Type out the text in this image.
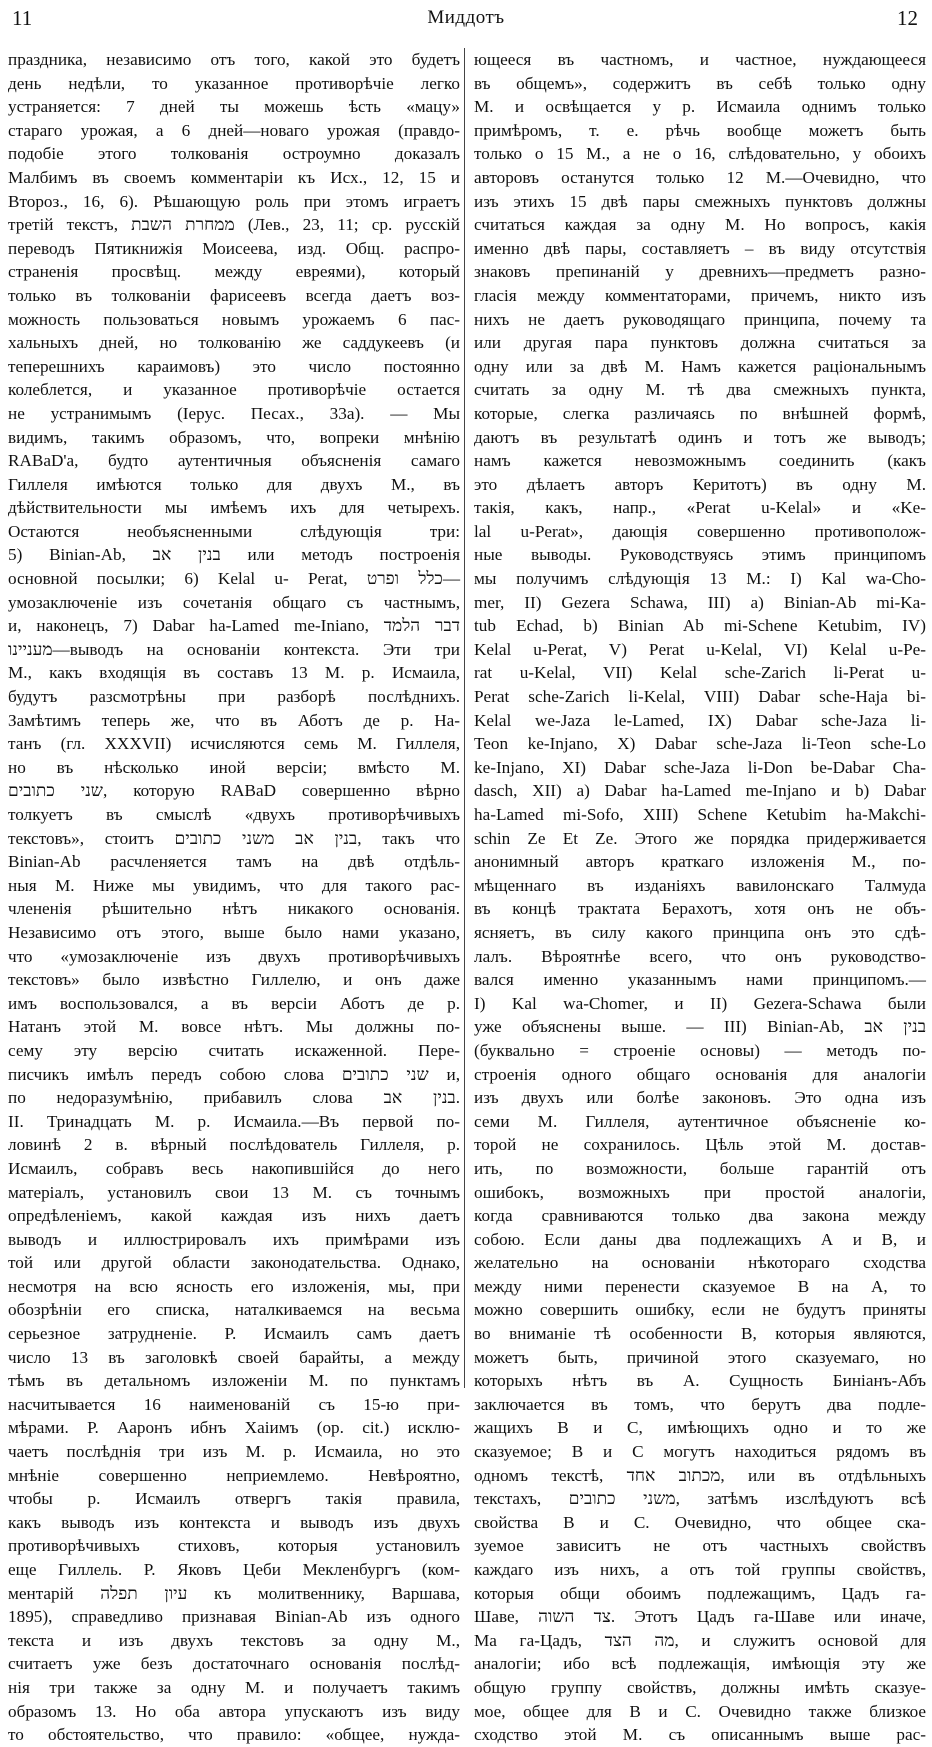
11	Миддотъ	12
праздника, независимо отъ того, какой это будетъ
день недѣли, то указанное противорѣчіе легко
устраняется: 7 дней ты можешь ѣсть «мацу»
стараго урожая, а 6 дней—новаго урожая (правдо-
подобіе этого толкованія остроумно доказалъ
Малбимъ въ своемъ комментаріи къ Исх., 12, 15 и
Второз., 16, 6). Рѣшающую роль при этомъ играетъ
третій текстъ, ממחרת השבת (Лев., 23, 11; ср. русскій
переводъ Пятикнижія Моисеева, изд. Общ. распро-
страненія просвѣщ. между евреями), который
только въ толкованіи фарисеевъ всегда даетъ воз-
можность пользоваться новымъ урожаемъ 6 пас-
хальныхъ дней, но толкованію же саддукеевъ (и
теперешнихъ караимовъ) это число постоянно
колеблется, и указанное противорѣчіе остается
не устранимымъ (Іерус. Песах., 33а). — Мы
видимъ, такимъ образомъ, что, вопреки мнѣнію
RABaD'a, будто аутентичныя объясненія самаго
Гиллеля имѣются только для двухъ М., въ
дѣйствительности мы имѣемъ ихъ для четырехъ.
Остаются необъясненными слѣдующія три:
5) Binian-Ab, בנין אב или методъ построенія
основной посылки; 6) Kelal u- Perat, כלל ופרט—
умозаключеніе изъ сочетанія общаго съ частнымъ,
и, наконецъ, 7) Dabar ha-Lamed me-Iniano, דבר הלמד
מעניינו—выводъ на основаніи контекста. Эти три
М., какъ входящія въ составъ 13 М. р. Исмаила,
будутъ разсмотрѣны при разборѣ послѣднихъ.
Замѣтимъ теперь же, что въ Аботъ де р. На-
танъ (гл. XXXVII) исчисляются семь М. Гиллеля,
но въ нѣсколько иной версіи; вмѣсто М.
שני כתובים, которую RABaD совершенно вѣрно
толкуетъ въ смыслѣ «двухъ противорѣчивыхъ
текстовъ», стоитъ בנין אב משני כתובים, такъ что
Binian-Ab расчленяется тамъ на двѣ отдѣль-
ныя М. Ниже мы увидимъ, что для такого рас-
члененія рѣшительно нѣтъ никакого основанія.
Независимо отъ этого, выше было нами указано,
что «умозаключеніе изъ двухъ противорѣчивыхъ
текстовъ» было извѣстно Гиллелю, и онъ даже
имъ воспользовался, а въ версіи Аботъ де р.
Натанъ этой М. вовсе нѣтъ. Мы должны по-
сему эту версію считать искаженной. Пере-
писчикъ имѣлъ передъ собою слова שני כתובים и,
по недоразумѣнію, прибавилъ слова בנין אב.
II. Тринадцать М. р. Исмаила.—Въ первой по-
ловинѣ 2 в. вѣрный послѣдователь Гиллеля, р.
Исмаилъ, собравъ весь накопившійся до него
матеріалъ, установилъ свои 13 М. съ точнымъ
опредѣленіемъ, какой каждая изъ нихъ даетъ
выводъ и иллюстрировалъ ихъ примѣрами изъ
той или другой области законодательства. Однако,
несмотря на всю ясность его изложенія, мы, при
обозрѣніи его списка, наталкиваемся на весьма
серьезное затрудненіе. Р. Исмаилъ самъ даетъ
число 13 въ заголовкѣ своей барайты, а между
тѣмъ въ детальномъ изложеніи М. по пунктамъ
насчитывается 16 наименованій съ 15-ю при-
мѣрами. Р. Ааронъ ибнъ Хаіимъ (op. cit.) исклю-
чаетъ послѣднія три изъ М. р. Исмаила, но это
мнѣніе совершенно неприемлемо. Невѣроятно,
чтобы р. Исмаилъ отвергъ такія правила,
какъ выводъ изъ контекста и выводъ изъ двухъ
противорѣчивыхъ стиховъ, которыя установилъ
еще Гиллель. Р. Яковъ Цеби Мекленбургъ (ком-
ментарій עיון תפלה къ молитвеннику, Варшава,
1895), справедливо признавая Binian-Ab изъ одного
текста и изъ двухъ текстовъ за одну М.,
считаетъ уже безъ достаточнаго основанія послѣд-
нія три также за одну М. и получаетъ такимъ
образомъ 13. Но оба автора упускаютъ изъ виду
то обстоятельство, что правило: «общее, нужда-
ющееся въ частномъ, и частное, нуждающееся
въ общемъ», содержитъ въ себѣ только одну
М. и освѣщается у р. Исмаила однимъ только
примѣромъ, т. е. рѣчь вообще можетъ быть
только о 15 М., а не о 16, слѣдовательно, у обоихъ
авторовъ останутся только 12 М.—Очевидно, что
изъ этихъ 15 двѣ пары смежныхъ пунктовъ должны
считаться каждая за одну М. Но вопросъ, какія
именно двѣ пары, составляетъ – въ виду отсутствія
знаковъ препинаній у древнихъ—предметъ разно-
гласія между комментаторами, причемъ, никто изъ
нихъ не даетъ руководящаго принципа, почему та
или другая пара пунктовъ должна считаться за
одну или за двѣ М. Намъ кажется раціональнымъ
считать за одну М. тѣ два смежныхъ пункта,
которые, слегка различаясь по внѣшней формѣ,
даютъ въ результатѣ одинъ и тотъ же выводъ;
намъ кажется невозможнымъ соединить (какъ
это дѣлаетъ авторъ Керитотъ) въ одну М.
такія, какъ, напр., «Perat u-Kelal» и «Ke-
lal u-Perat», дающія совершенно противополож-
ные выводы. Руководствуясь этимъ принципомъ
мы получимъ слѣдующія 13 М.: I) Kal wa-Cho-
mer, II) Gezera Schawa, III) a) Binian-Ab mi-Ka-
tub Echad, b) Binian Ab mi-Schene Ketubim, IV)
Kelal u-Perat, V) Perat u-Kelal, VI) Kelal u-Pe-
rat u-Kelal, VII) Kelal sche-Zarich li-Perat u-
Perat sche-Zarich li-Kelal, VIII) Dabar sche-Haja bi-
Kelal we-Jaza le-Lamed, IX) Dabar sche-Jaza li-
Teon ke-Injano, X) Dabar sche-Jaza li-Teon sche-Lo
ke-Injano, XI) Dabar sche-Jaza li-Don be-Dabar Cha-
dasch, XII) a) Dabar ha-Lamed me-Injano и b) Dabar
ha-Lamed mi-Sofo, XIII) Schene Ketubim ha-Makchi-
schin Ze Et Ze. Этого же порядка придерживается
анонимный авторъ краткаго изложенія М., по-
мѣщеннаго въ изданіяхъ вавилонскаго Талмуда
въ концѣ трактата Берахотъ, хотя онъ не объ-
ясняетъ, въ силу какого принципа онъ это сдѣ-
лалъ. Вѣроятнѣе всего, что онъ руководство-
вался именно указаннымъ нами принципомъ.—
I) Kal wa-Chomer, и II) Gezera-Schawa были
уже объяснены выше. — III) Binian-Ab, בנין אב
(буквально = строеніе основы) — методъ по-
строенія одного общаго основанія для аналогіи
изъ двухъ или болѣе законовъ. Это одна изъ
семи М. Гиллеля, аутентичное объясненіе ко-
торой не сохранилось. Цѣль этой М. достав-
ить, по возможности, больше гарантій отъ
ошибокъ, возможныхъ при простой аналогіи,
когда сравниваются только два закона между
собою. Если даны два подлежащихъ А и В, и
желательно на основаніи нѣкотораго сходства
между ними перенести сказуемое B на A, то
можно совершить ошибку, если не будутъ приняты
во вниманіе тѣ особенности B, которыя являются,
можетъ быть, причиной этого сказуемаго, но
которыхъ нѣтъ въ А. Сущность Биніанъ-Абъ
заключается въ томъ, что берутъ два подле-
жащихъ В и С, имѣющихъ одно и то же
сказуемое; В и С могутъ находиться рядомъ въ
одномъ текстѣ, מכתוב אחד, или въ отдѣльныхъ
текстахъ, משני כתובים, затѣмъ изслѣдуютъ всѣ
свойства В и С. Очевидно, что общее ска-
зуемое зависитъ не отъ частныхъ свойствъ
каждаго изъ нихъ, а отъ той группы свойствъ,
которыя общи обоимъ подлежащимъ, Цадъ га-
Шаве, צד השוה. Этотъ Цадъ га-Шаве или иначе,
Ма га-Цадъ, מה הצד, и служитъ основой для
аналогіи; ибо всѣ подлежащія, имѣющія эту же
общую группу свойствъ, должны имѣть сказуе-
мое, общее для В и С. Очевидно также близкое
сходство этой М. съ описаннымъ выше рас-
